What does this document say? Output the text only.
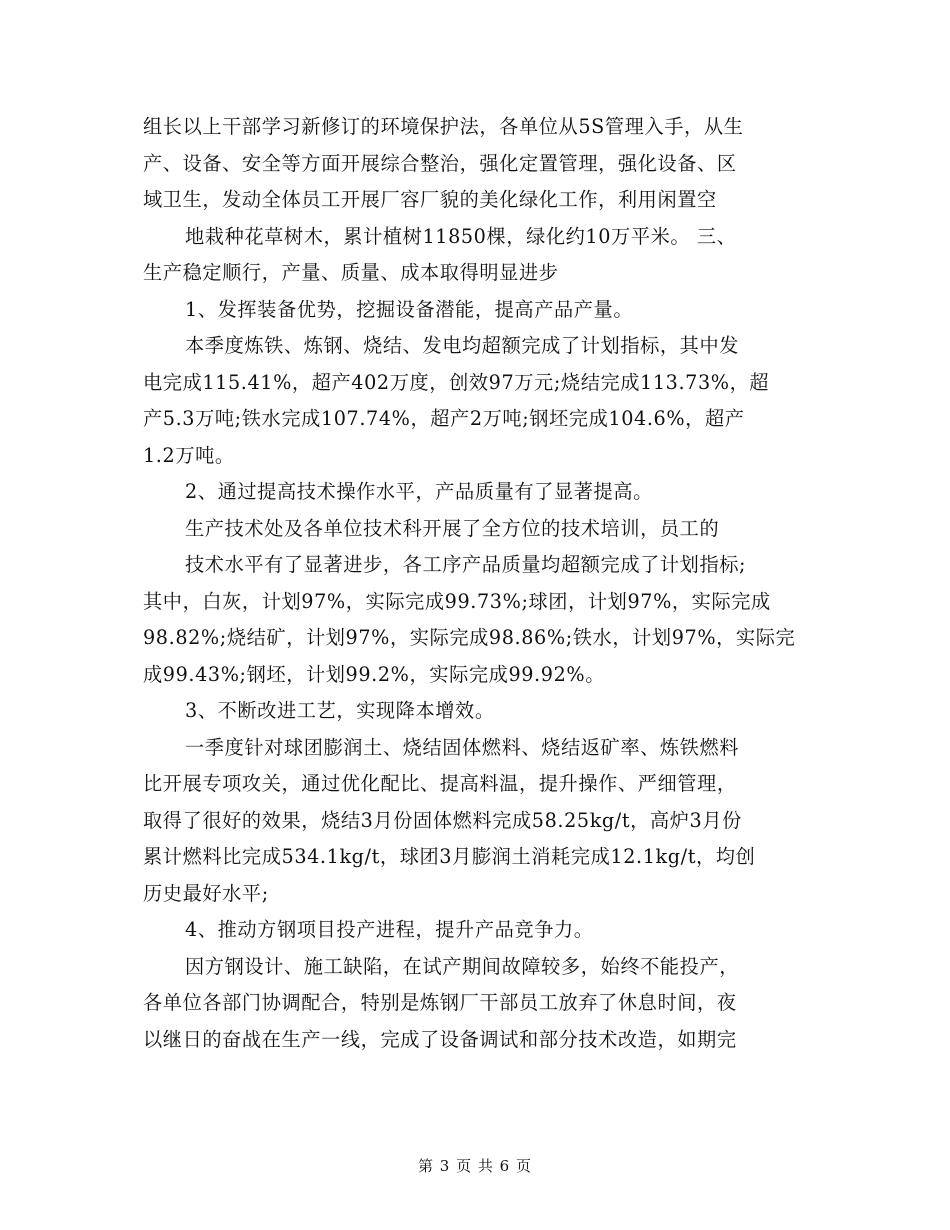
组长以上干部学习新修订的环境保护法，各单位从5S管理入手，从生
产、设备、安全等方面开展综合整治，强化定置管理，强化设备、区
域卫生，发动全体员工开展厂容厂貌的美化绿化工作，利用闲置空
地栽种花草树木，累计植树11850棵，绿化约10万平米。 三、
生产稳定顺行，产量、质量、成本取得明显进步
1、发挥装备优势，挖掘设备潜能，提高产品产量。
本季度炼铁、炼钢、烧结、发电均超额完成了计划指标，其中发
电完成115.41%，超产402万度，创效97万元;烧结完成113.73%，超
产5.3万吨;铁水完成107.74%，超产2万吨;钢坯完成104.6%，超产
1.2万吨。
2、通过提高技术操作水平，产品质量有了显著提高。
生产技术处及各单位技术科开展了全方位的技术培训，员工的
技术水平有了显著进步，各工序产品质量均超额完成了计划指标;
其中，白灰，计划97%，实际完成99.73%;球团，计划97%，实际完成
98.82%;烧结矿，计划97%，实际完成98.86%;铁水，计划97%，实际完
成99.43%;钢坯，计划99.2%，实际完成99.92%。
3、不断改进工艺，实现降本增效。
一季度针对球团膨润土、烧结固体燃料、烧结返矿率、炼铁燃料
比开展专项攻关，通过优化配比、提高料温，提升操作、严细管理，
取得了很好的效果，烧结3月份固体燃料完成58.25kg/t，高炉3月份
累计燃料比完成534.1kg/t，球团3月膨润土消耗完成12.1kg/t，均创
历史最好水平;
4、推动方钢项目投产进程，提升产品竞争力。
因方钢设计、施工缺陷，在试产期间故障较多，始终不能投产，
各单位各部门协调配合，特别是炼钢厂干部员工放弃了休息时间，夜
以继日的奋战在生产一线，完成了设备调试和部分技术改造，如期完
第 3 页 共 6 页
